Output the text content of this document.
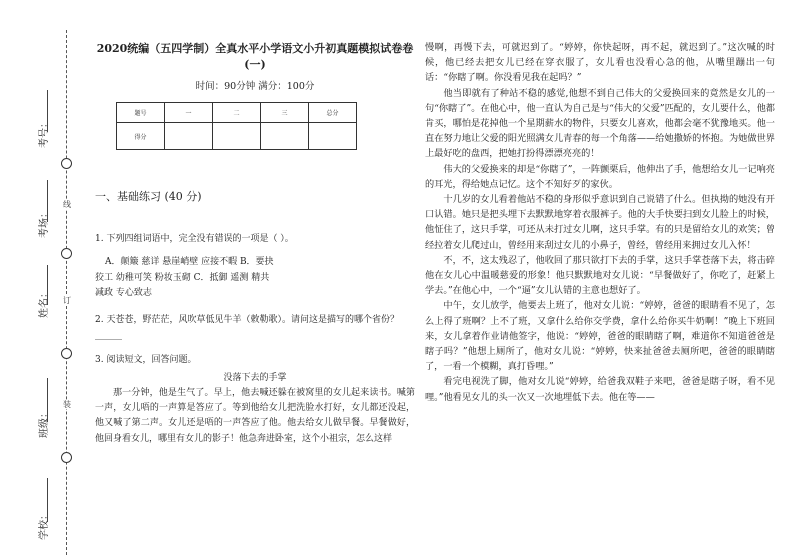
考号：
考场：
姓名：
班级：
学校：
线
订
装

2020统编（五四学制）全真水平小学语文小升初真题模拟试卷卷

(一)

时间：90分钟 满分：100分

题号	一	二	三	总分
得分				

一、基础练习 (40 分)

1. 下列四组词语中，完全没有错误的一项是（ ）。

A．颠簸 慈详 悬崖峭壁 应接不暇 B．要抉

狡工 幼稚可笑 粉妆玉砌 C．抵御 遥测 精共

减政 专心致志

2. 天苍苍，野茫茫，风吹草低见牛羊（敕勒歌）。请问这是描写的哪个省份？______

3. 阅读短文，回答问题。

没落下去的手掌

那一分钟，他是生气了。早上，他去喊还躲在被窝里的女儿起来读书。喊第一声，女儿唔的一声算是答应了。等到他给女儿把洗脸水打好，女儿都还没起，他又喊了第二声。女儿还是唔的一声答应了他。他去给女儿做早餐。早餐做好，他回身看女儿，哪里有女儿的影子！他急奔进卧室，这个小祖宗，怎么这样

慢啊，再慢下去，可就迟到了。“婷婷，你快起呀，再不起，就迟到了。”这次喊的时候，他已经去把女儿已经在穿衣服了，女儿看也没看心急的他，从嘴里蹦出一句话：“你瞎了啊。你没看见我在起吗？”

他当即就有了种站不稳的感觉,他想不到自己伟大的父爱换回来的竟然是女儿的一句“你瞎了”。在他心中，他一直认为自己是与“伟大的父爱”匹配的，女儿要什么，他都肯买，哪怕是花掉他一个星期薪水的物件，只要女儿喜欢，他都会毫不犹豫地买。他一直在努力地让父爱的阳光照满女儿青春的每一个角落——给她撒娇的怀抱。为她做世界上最好吃的盘西，把她打扮得漂漂亮亮的！

伟大的父爱换来的却是“你瞎了”，一阵颤栗后，他伸出了手，他想给女儿一记响亮的耳光，得给她点记忆。这个不知好歹的家伙。

十几岁的女儿看着他站不稳的身形似乎意识到自己说错了什么。但执拗的她没有开口认错。她只是把头埋下去默默地穿着衣服裤子。他的大手快要扫到女儿脸上的时候，他怔住了，这只手掌，可还从未打过女儿啊，这只手掌。有的只是留给女儿的欢笑；曾经拉着女儿爬过山，曾经用来刮过女儿的小鼻子，曾经，曾经用来拥过女儿入怀！

不，不，这太残忍了，他收回了那只欲打下去的手掌，这只手掌苍落下去，将击碎他在女儿心中温暖慈爱的形象！他只默默地对女儿说：“早餐做好了，你吃了，赶紧上学去。”在他心中，一个“逼”女儿认错的主意也想好了。

中午，女儿放学，他要去上班了，他对女儿说：“婷婷，爸爸的眼睛看不见了，怎么上得了班啊？上不了班，又拿什么给你交学费，拿什么给你买牛奶啊！”晚上下班回来，女儿拿着作业请他签字，他说：“婷婷，爸爸的眼睛瞎了啊，难道你不知道爸爸是瞎子吗？”他想上厕所了，他对女儿说：“婷婷，快来扯爸爸去厕所吧，爸爸的眼睛瞎了，一看一个模糊，真打昏哩。”

看完电视洗了脚，他对女儿说“婷婷，给爸我双鞋子来吧，爸爸是瞎子呀，看不见哩。”他看见女儿的头一次又一次地埋低下去。他在等——
